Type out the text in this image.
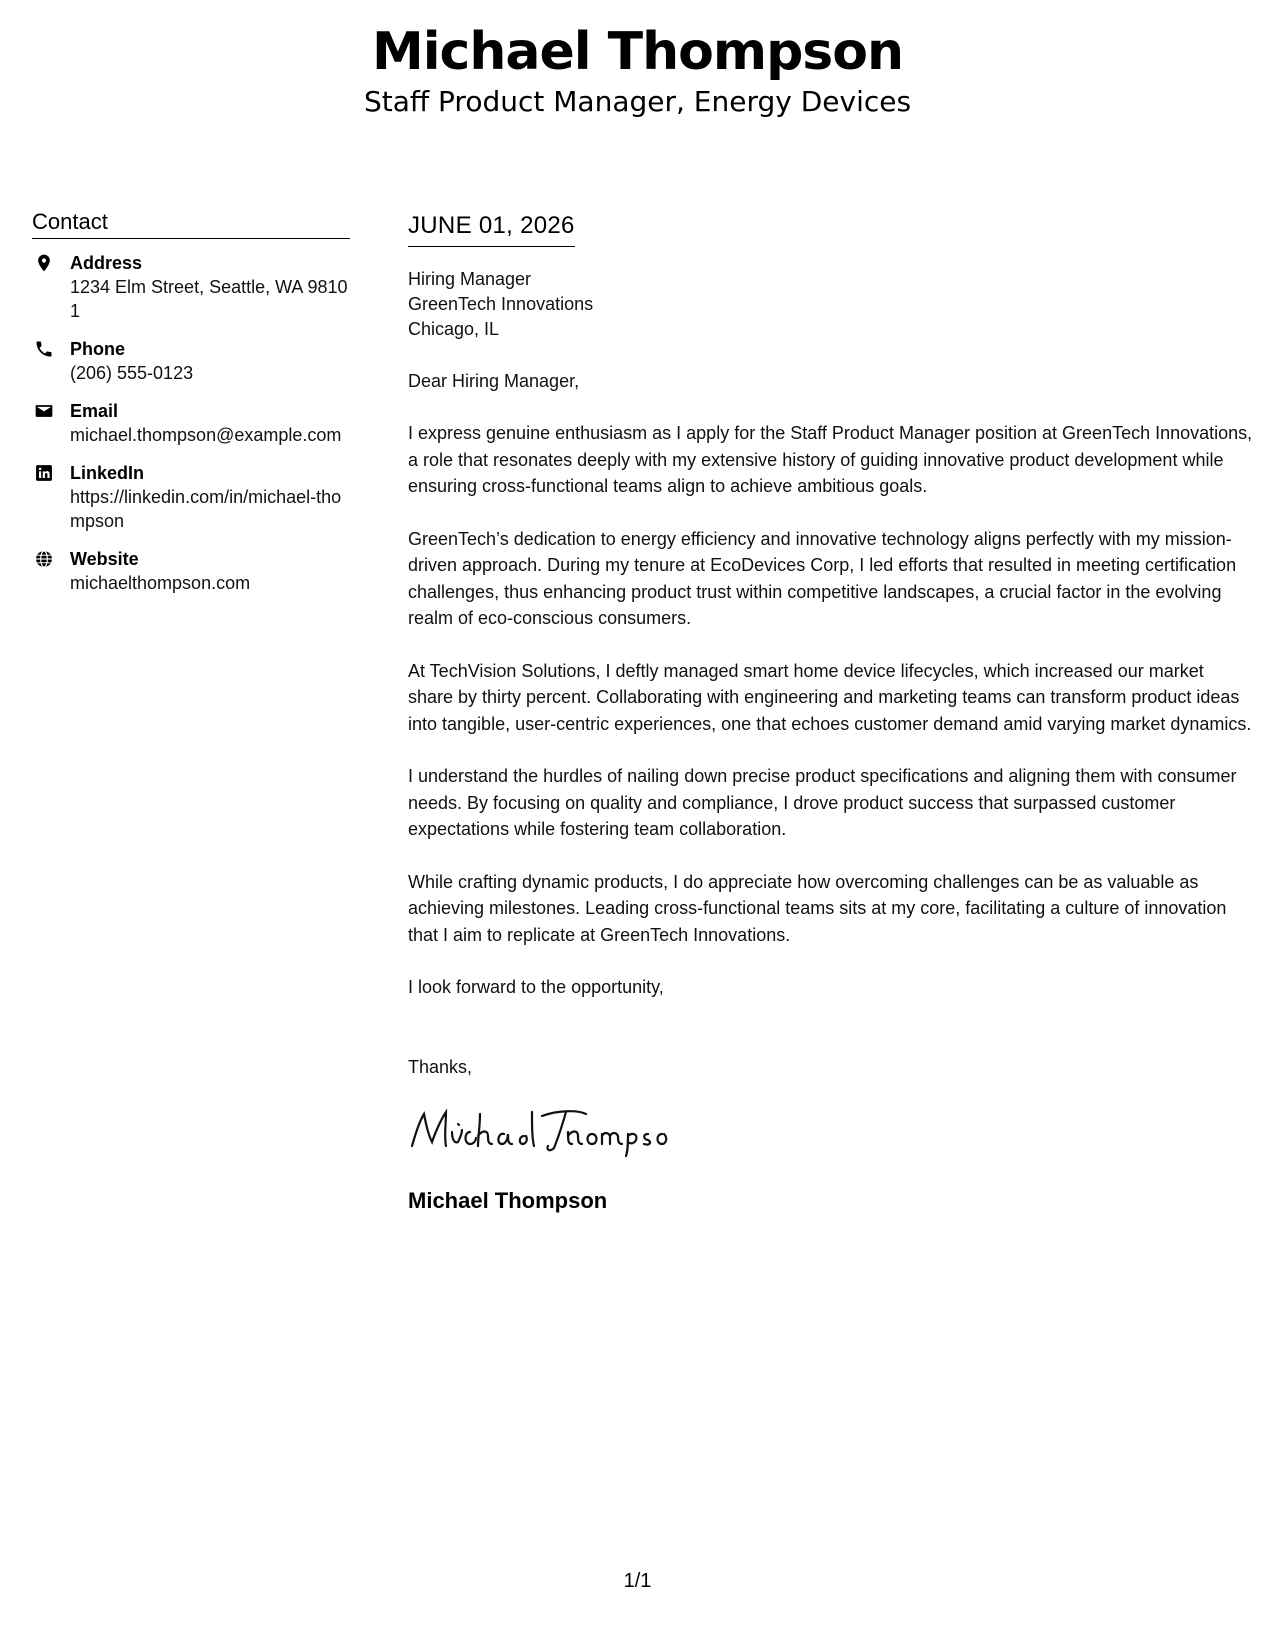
Michael Thompson
Staff Product Manager, Energy Devices
Contact
Address
1234 Elm Street, Seattle, WA 98101
Phone
(206) 555-0123
Email
michael.thompson@example.com
LinkedIn
https://linkedin.com/in/michael-thompson
Website
michaelthompson.com
JUNE 01, 2026
Hiring Manager
GreenTech Innovations
Chicago, IL
Dear Hiring Manager,
I express genuine enthusiasm as I apply for the Staff Product Manager position at GreenTech Innovations, a role that resonates deeply with my extensive history of guiding innovative product development while ensuring cross-functional teams align to achieve ambitious goals.
GreenTech’s dedication to energy efficiency and innovative technology aligns perfectly with my mission-driven approach. During my tenure at EcoDevices Corp, I led efforts that resulted in meeting certification challenges, thus enhancing product trust within competitive landscapes, a crucial factor in the evolving realm of eco-conscious consumers.
At TechVision Solutions, I deftly managed smart home device lifecycles, which increased our market share by thirty percent. Collaborating with engineering and marketing teams can transform product ideas into tangible, user-centric experiences, one that echoes customer demand amid varying market dynamics.
I understand the hurdles of nailing down precise product specifications and aligning them with consumer needs. By focusing on quality and compliance, I drove product success that surpassed customer expectations while fostering team collaboration.
While crafting dynamic products, I do appreciate how overcoming challenges can be as valuable as achieving milestones. Leading cross-functional teams sits at my core, facilitating a culture of innovation that I aim to replicate at GreenTech Innovations.
I look forward to the opportunity,
Thanks,
Michael Thompson
1/1
